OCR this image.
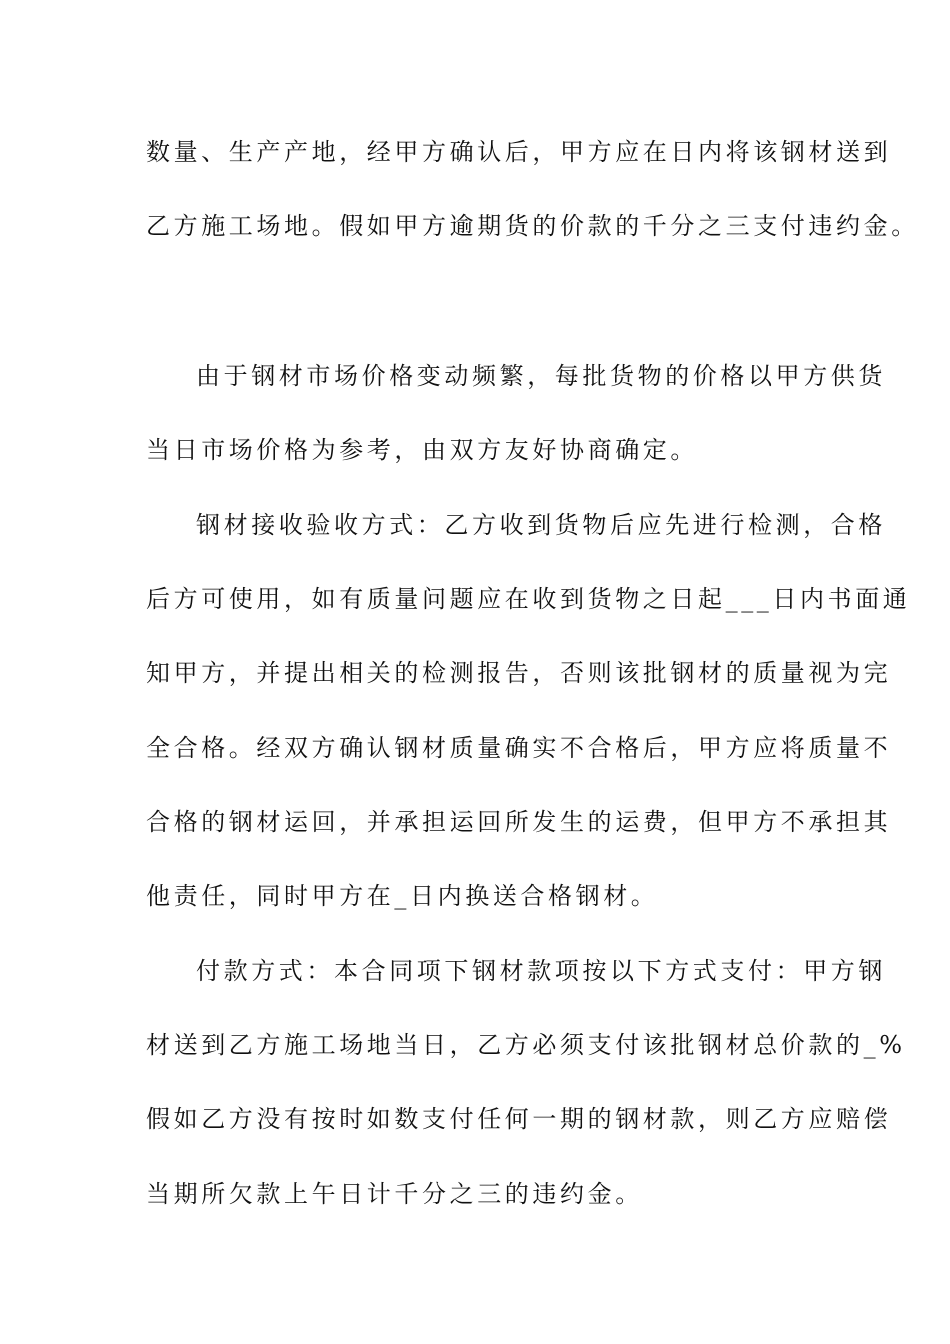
数量、生产产地，经甲方确认后，甲方应在日内将该钢材送到
乙方施工场地。假如甲方逾期货的价款的千分之三支付违约金。
由于钢材市场价格变动频繁，每批货物的价格以甲方供货
当日市场价格为参考，由双方友好协商确定。
钢材接收验收方式：乙方收到货物后应先进行检测，合格
后方可使用，如有质量问题应在收到货物之日起___日内书面通
知甲方，并提出相关的检测报告，否则该批钢材的质量视为完
全合格。经双方确认钢材质量确实不合格后，甲方应将质量不
合格的钢材运回，并承担运回所发生的运费，但甲方不承担其
他责任，同时甲方在_日内换送合格钢材。
付款方式：本合同项下钢材款项按以下方式支付：甲方钢
材送到乙方施工场地当日，乙方必须支付该批钢材总价款的_%
假如乙方没有按时如数支付任何一期的钢材款，则乙方应赔偿
当期所欠款上午日计千分之三的违约金。
